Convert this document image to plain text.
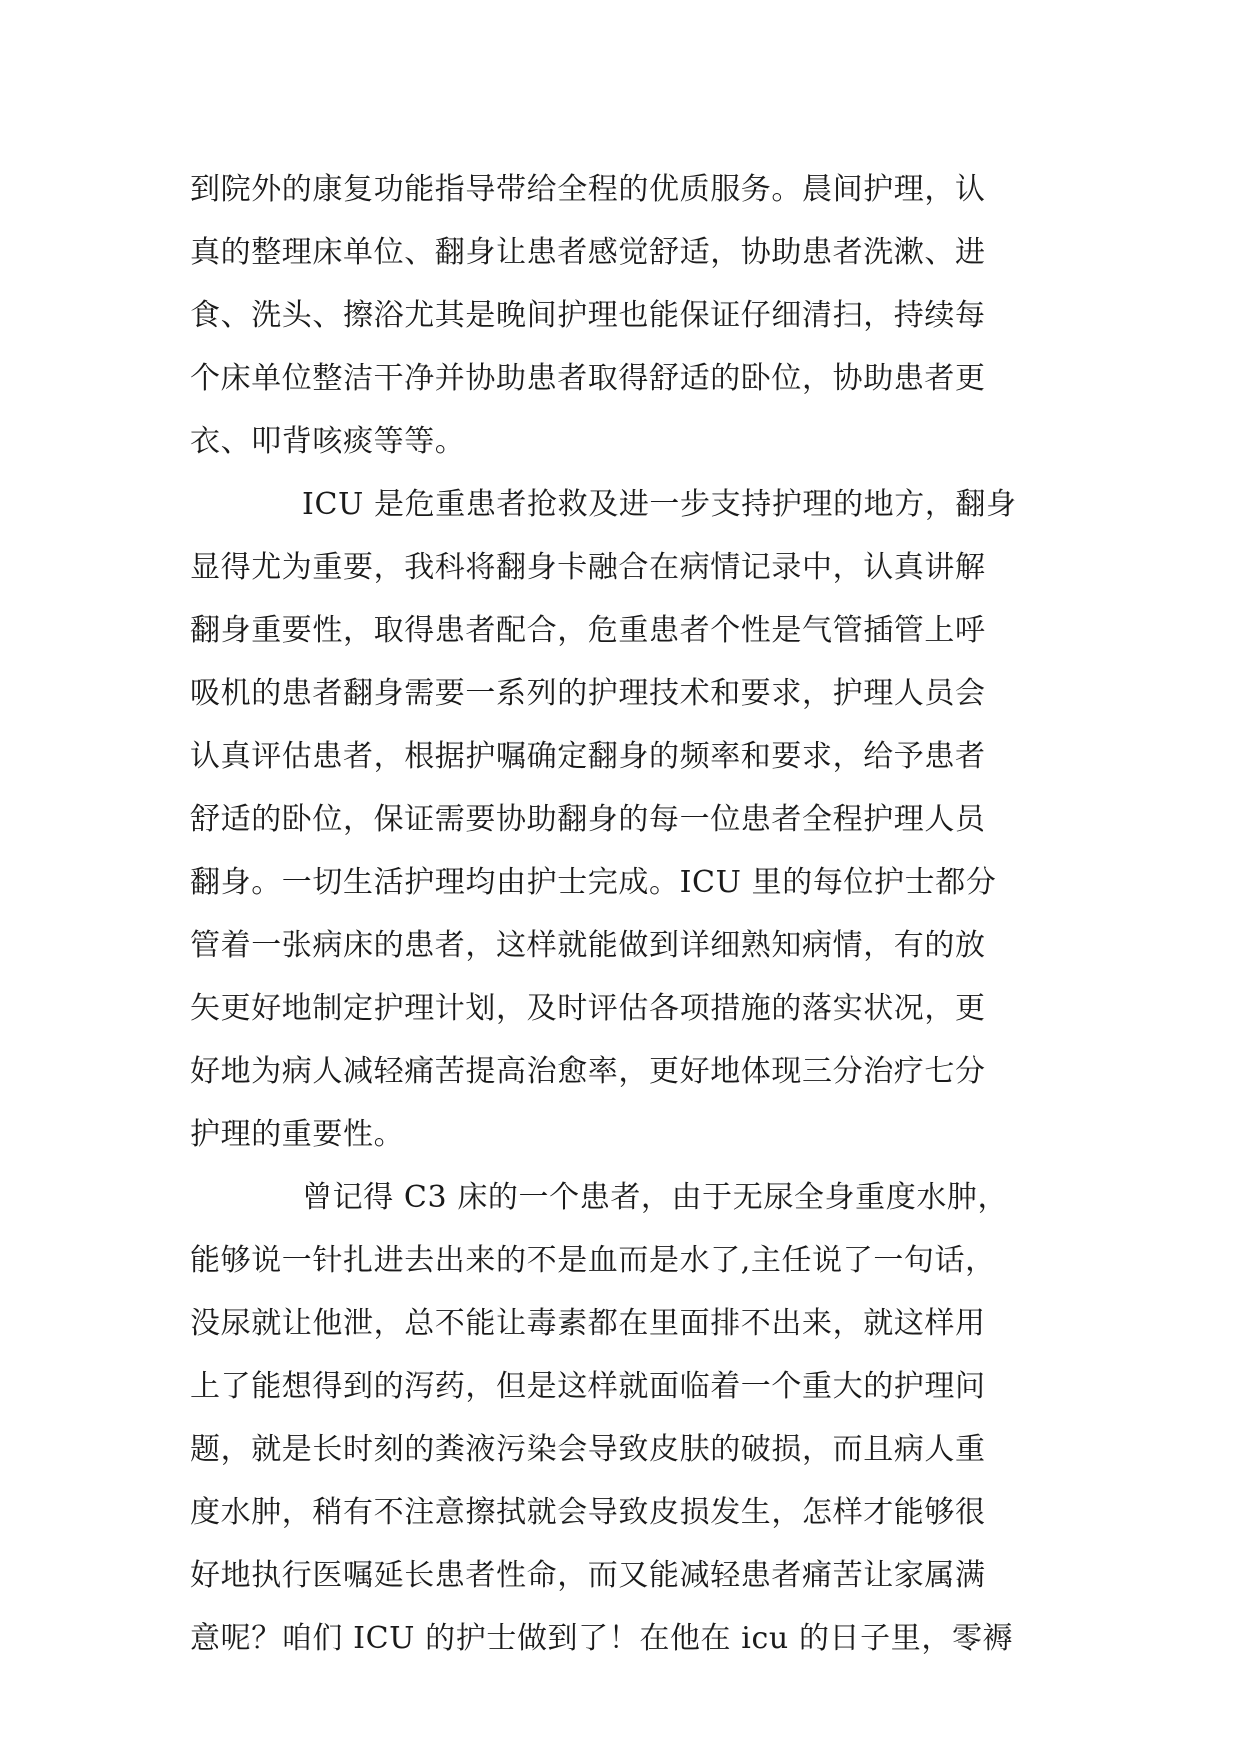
到院外的康复功能指导带给全程的优质服务。晨间护理，认
真的整理床单位、翻身让患者感觉舒适，协助患者洗漱、进
食、洗头、擦浴尤其是晚间护理也能保证仔细清扫，持续每
个床单位整洁干净并协助患者取得舒适的卧位，协助患者更
衣、叩背咳痰等等。
ICU 是危重患者抢救及进一步支持护理的地方，翻身
显得尤为重要，我科将翻身卡融合在病情记录中，认真讲解
翻身重要性，取得患者配合，危重患者个性是气管插管上呼
吸机的患者翻身需要一系列的护理技术和要求，护理人员会
认真评估患者，根据护嘱确定翻身的频率和要求，给予患者
舒适的卧位，保证需要协助翻身的每一位患者全程护理人员
翻身。一切生活护理均由护士完成。ICU 里的每位护士都分
管着一张病床的患者，这样就能做到详细熟知病情，有的放
矢更好地制定护理计划，及时评估各项措施的落实状况，更
好地为病人减轻痛苦提高治愈率，更好地体现三分治疗七分
护理的重要性。
曾记得 C3 床的一个患者，由于无尿全身重度水肿，
能够说一针扎进去出来的不是血而是水了,主任说了一句话，
没尿就让他泄，总不能让毒素都在里面排不出来，就这样用
上了能想得到的泻药，但是这样就面临着一个重大的护理问
题，就是长时刻的粪液污染会导致皮肤的破损，而且病人重
度水肿，稍有不注意擦拭就会导致皮损发生，怎样才能够很
好地执行医嘱延长患者性命，而又能减轻患者痛苦让家属满
意呢？咱们 ICU 的护士做到了！在他在 icu 的日子里，零褥
